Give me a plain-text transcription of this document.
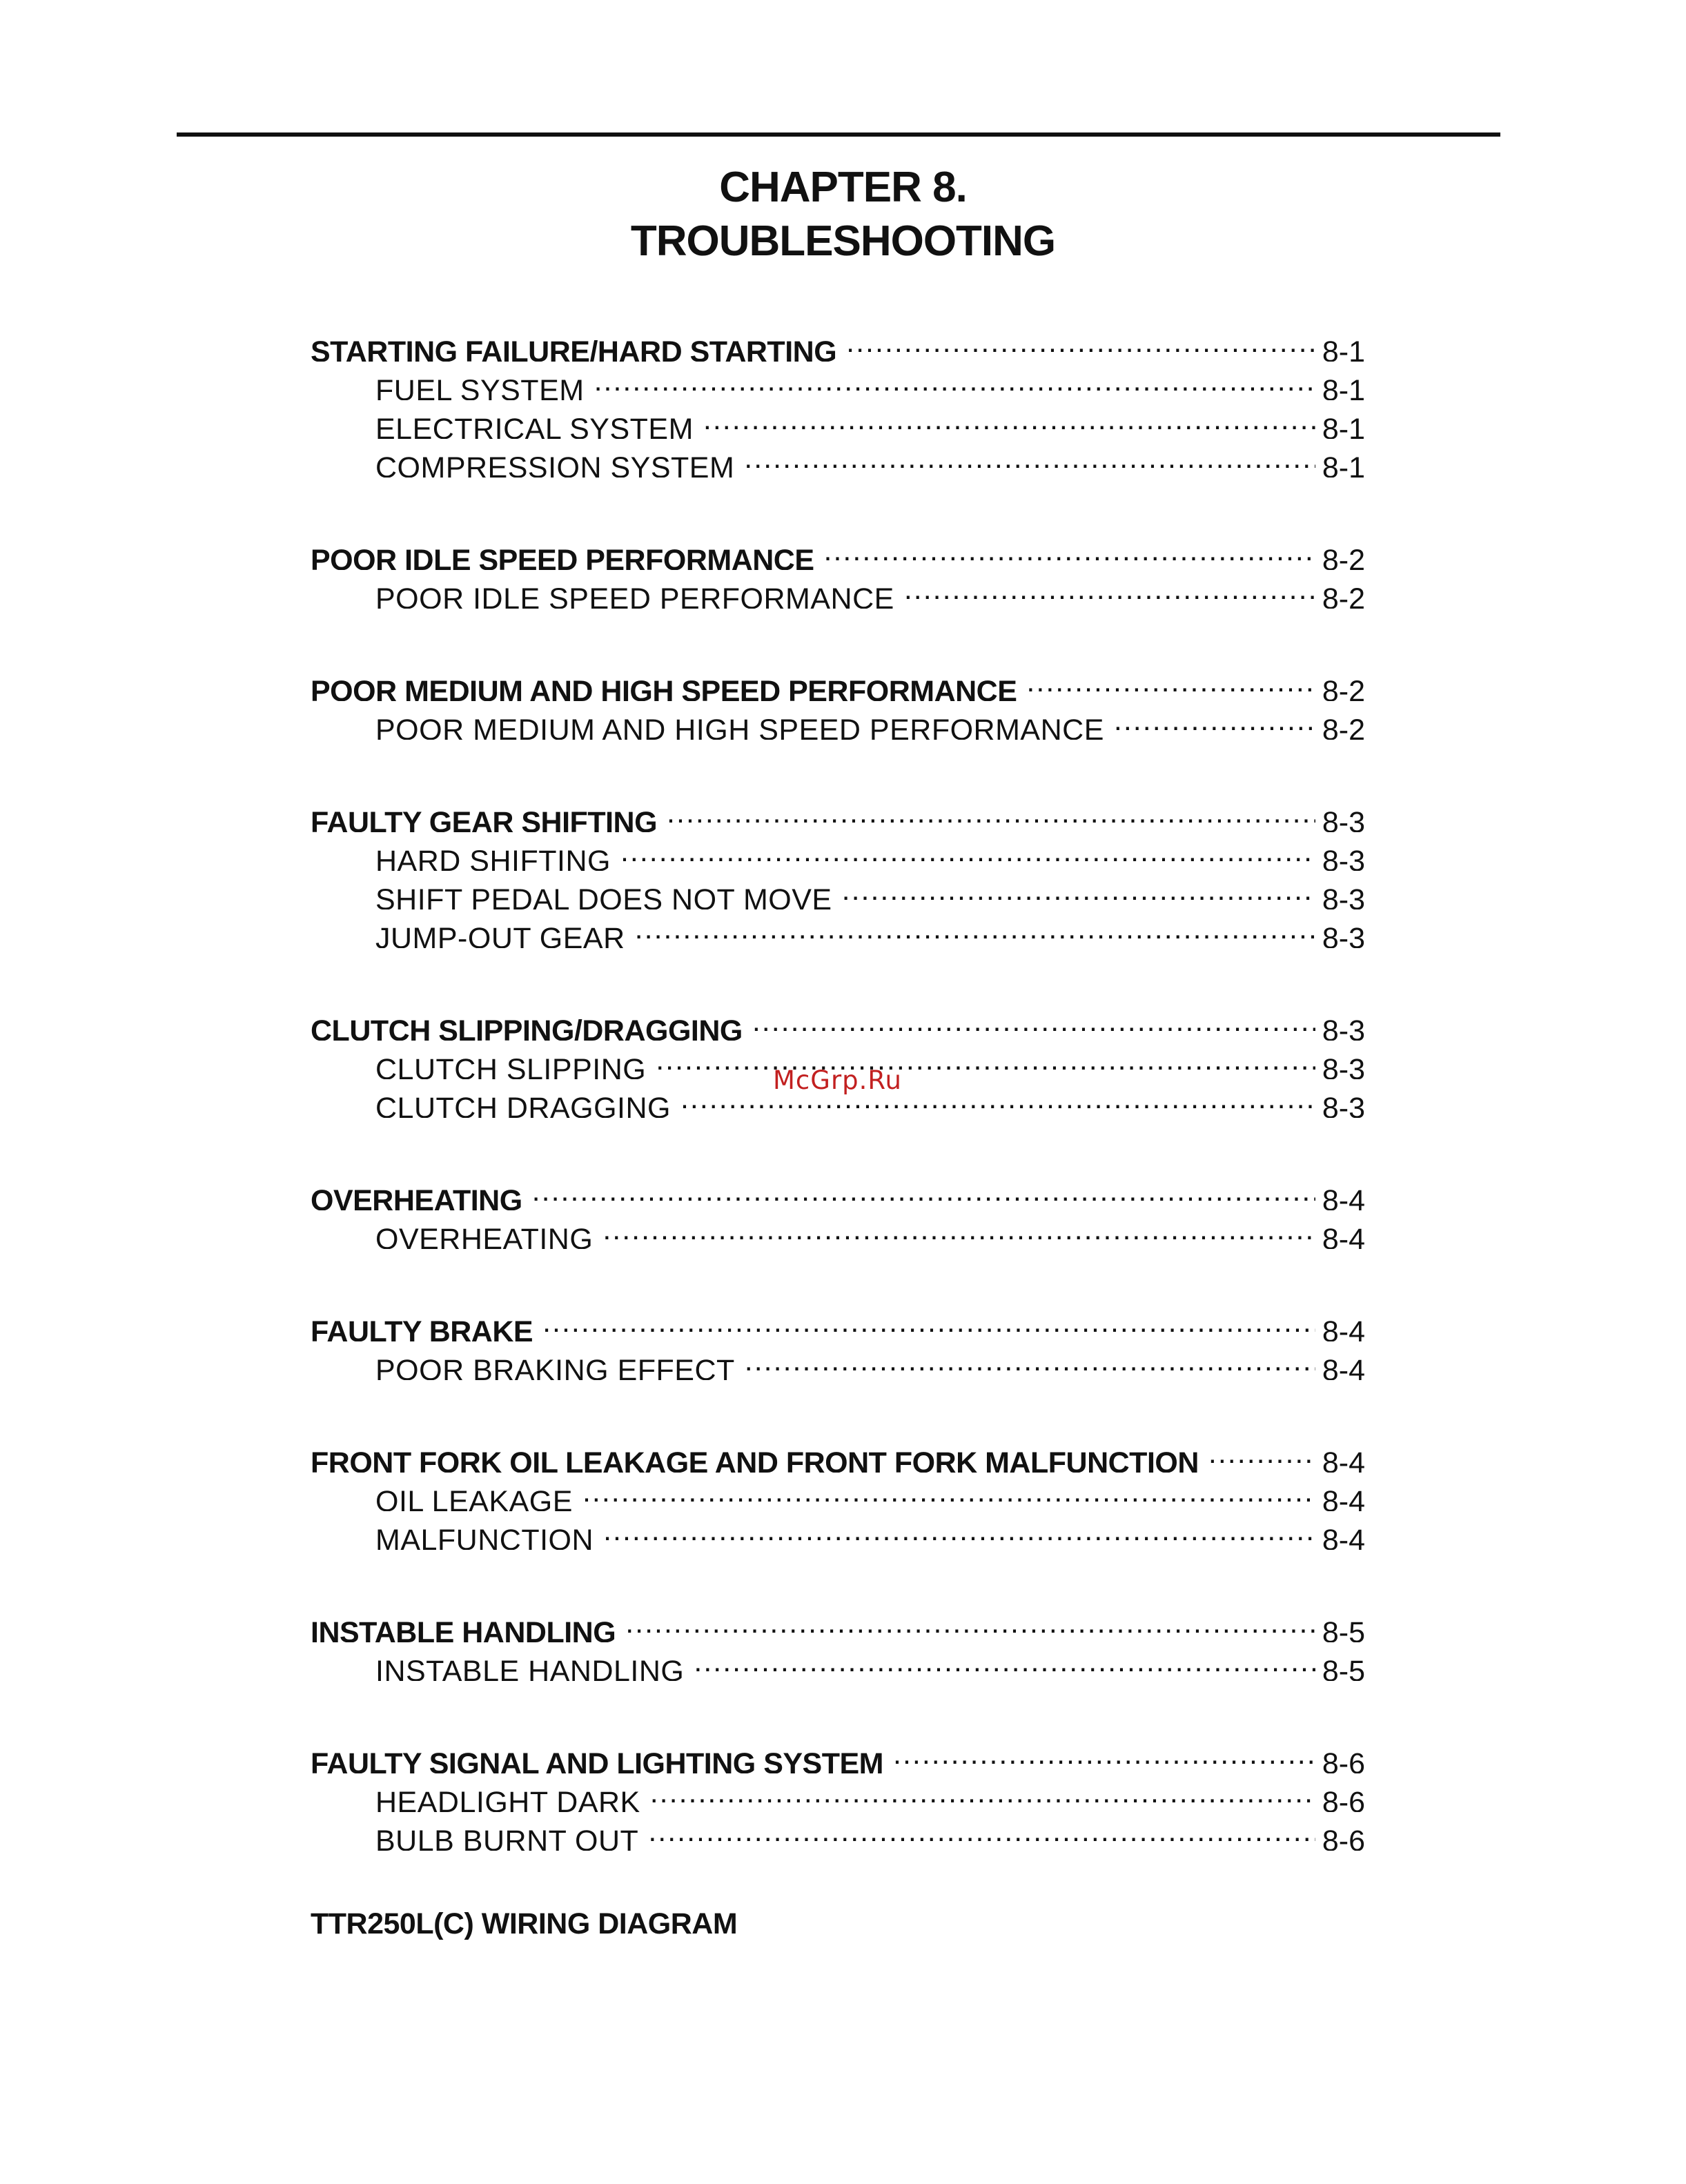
CHAPTER 8.
TROUBLESHOOTING
STARTING FAILURE/HARD STARTING .....	8-1
FUEL SYSTEM .....	8-1
ELECTRICAL SYSTEM .....	8-1
COMPRESSION SYSTEM .....	8-1
POOR IDLE SPEED PERFORMANCE .....	8-2
POOR IDLE SPEED PERFORMANCE .....	8-2
POOR MEDIUM AND HIGH SPEED PERFORMANCE .....	8-2
POOR MEDIUM AND HIGH SPEED PERFORMANCE .....	8-2
FAULTY GEAR SHIFTING .....	8-3
HARD SHIFTING .....	8-3
SHIFT PEDAL DOES NOT MOVE .....	8-3
JUMP-OUT GEAR .....	8-3
CLUTCH SLIPPING/DRAGGING .....	8-3
CLUTCH SLIPPING .....	8-3
CLUTCH DRAGGING .....	8-3
OVERHEATING .....	8-4
OVERHEATING .....	8-4
FAULTY BRAKE .....	8-4
POOR BRAKING EFFECT .....	8-4
FRONT FORK OIL LEAKAGE AND FRONT FORK MALFUNCTION .....	8-4
OIL LEAKAGE .....	8-4
MALFUNCTION .....	8-4
INSTABLE HANDLING .....	8-5
INSTABLE HANDLING .....	8-5
FAULTY SIGNAL AND LIGHTING SYSTEM .....	8-6
HEADLIGHT DARK .....	8-6
BULB BURNT OUT .....	8-6
TTR250L(C) WIRING DIAGRAM
McGrp.Ru
